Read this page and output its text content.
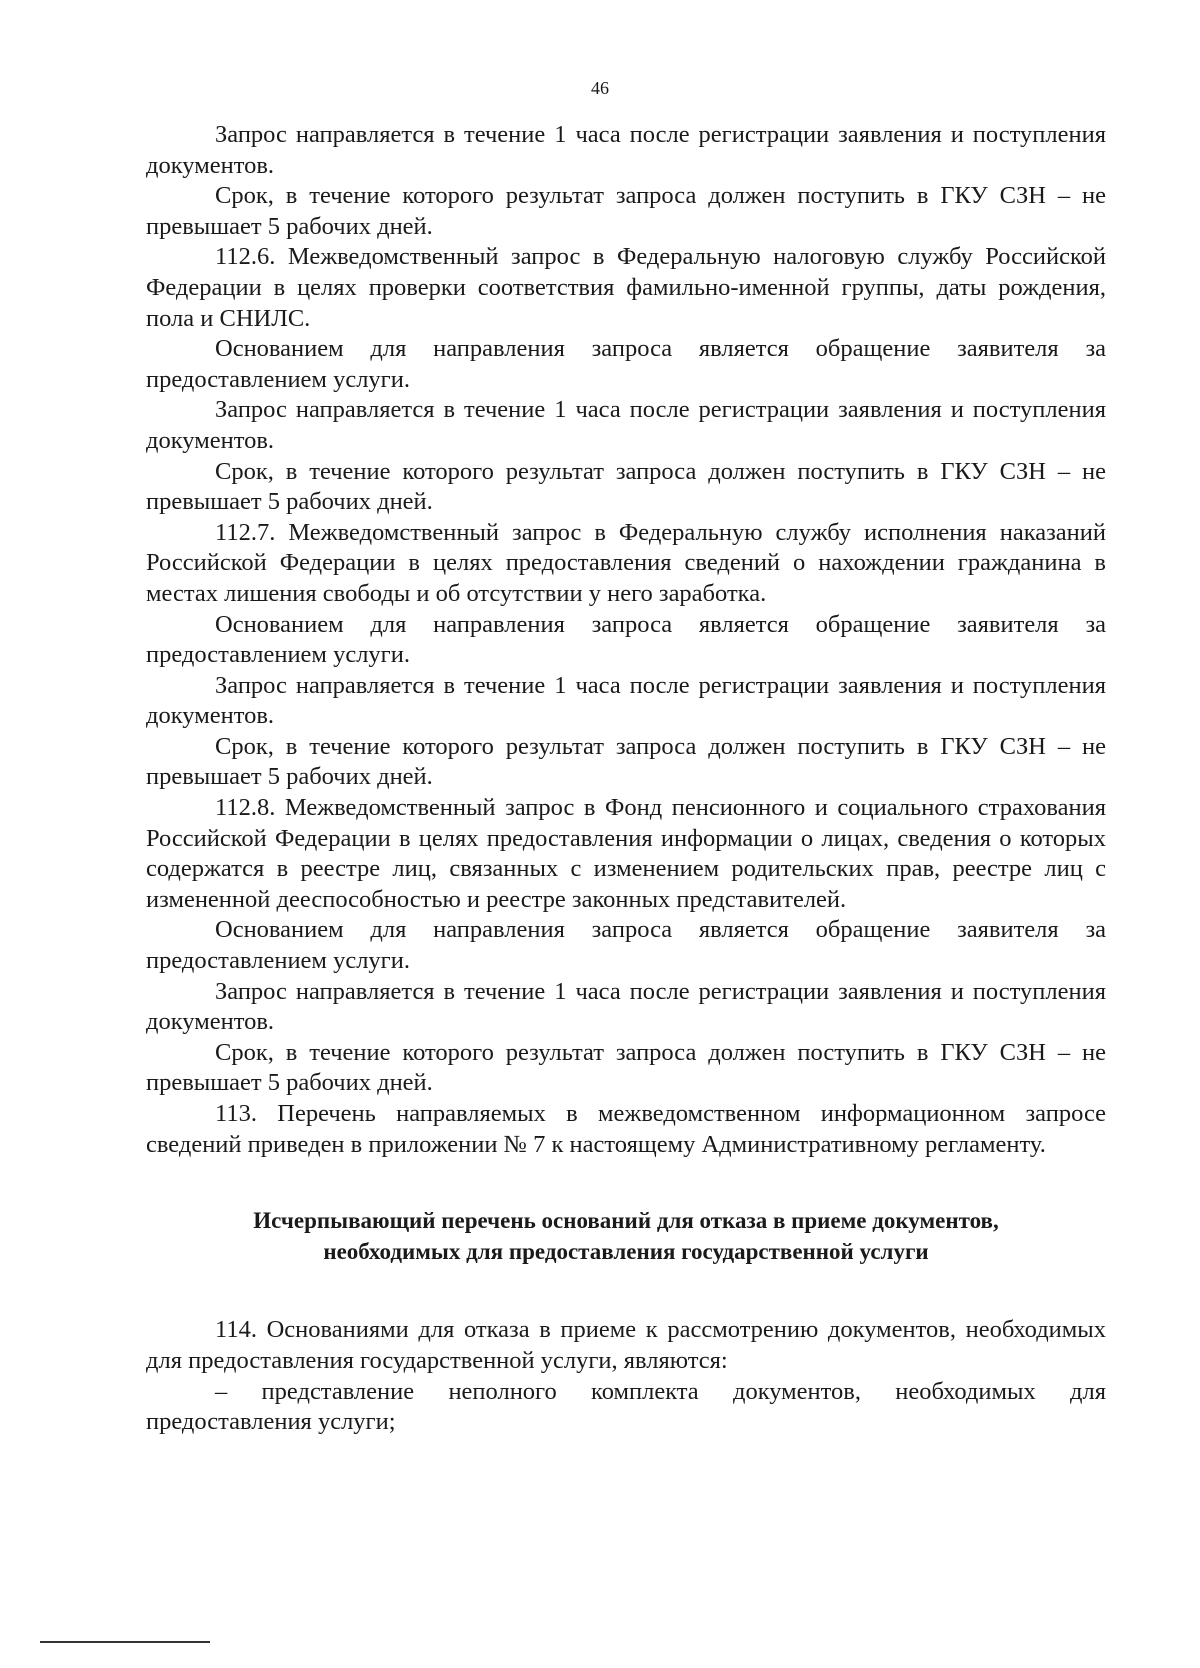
46

Запрос направляется в течение 1 часа после регистрации заявления и поступления документов.

Срок, в течение которого результат запроса должен поступить в ГКУ СЗН – не превышает 5 рабочих дней.

112.6. Межведомственный запрос в Федеральную налоговую службу Российской Федерации в целях проверки соответствия фамильно-именной группы, даты рождения, пола и СНИЛС.

Основанием для направления запроса является обращение заявителя за предоставлением услуги.

Запрос направляется в течение 1 часа после регистрации заявления и поступления документов.

Срок, в течение которого результат запроса должен поступить в ГКУ СЗН – не превышает 5 рабочих дней.

112.7. Межведомственный запрос в Федеральную службу исполнения наказаний Российской Федерации в целях предоставления сведений о нахождении гражданина в местах лишения свободы и об отсутствии у него заработка.

Основанием для направления запроса является обращение заявителя за предоставлением услуги.

Запрос направляется в течение 1 часа после регистрации заявления и поступления документов.

Срок, в течение которого результат запроса должен поступить в ГКУ СЗН – не превышает 5 рабочих дней.

112.8. Межведомственный запрос в Фонд пенсионного и социального страхования Российской Федерации в целях предоставления информации о лицах, сведения о которых содержатся в реестре лиц, связанных с изменением родительских прав, реестре лиц с измененной дееспособностью и реестре законных представителей.

Основанием для направления запроса является обращение заявителя за предоставлением услуги.

Запрос направляется в течение 1 часа после регистрации заявления и поступления документов.

Срок, в течение которого результат запроса должен поступить в ГКУ СЗН – не превышает 5 рабочих дней.

113. Перечень направляемых в межведомственном информационном запросе сведений приведен в приложении № 7 к настоящему Административному регламенту.

Исчерпывающий перечень оснований для отказа в приеме документов,
необходимых для предоставления государственной услуги

114. Основаниями для отказа в приеме к рассмотрению документов, необходимых для предоставления государственной услуги, являются:

– представление неполного комплекта документов, необходимых для предоставления услуги;
